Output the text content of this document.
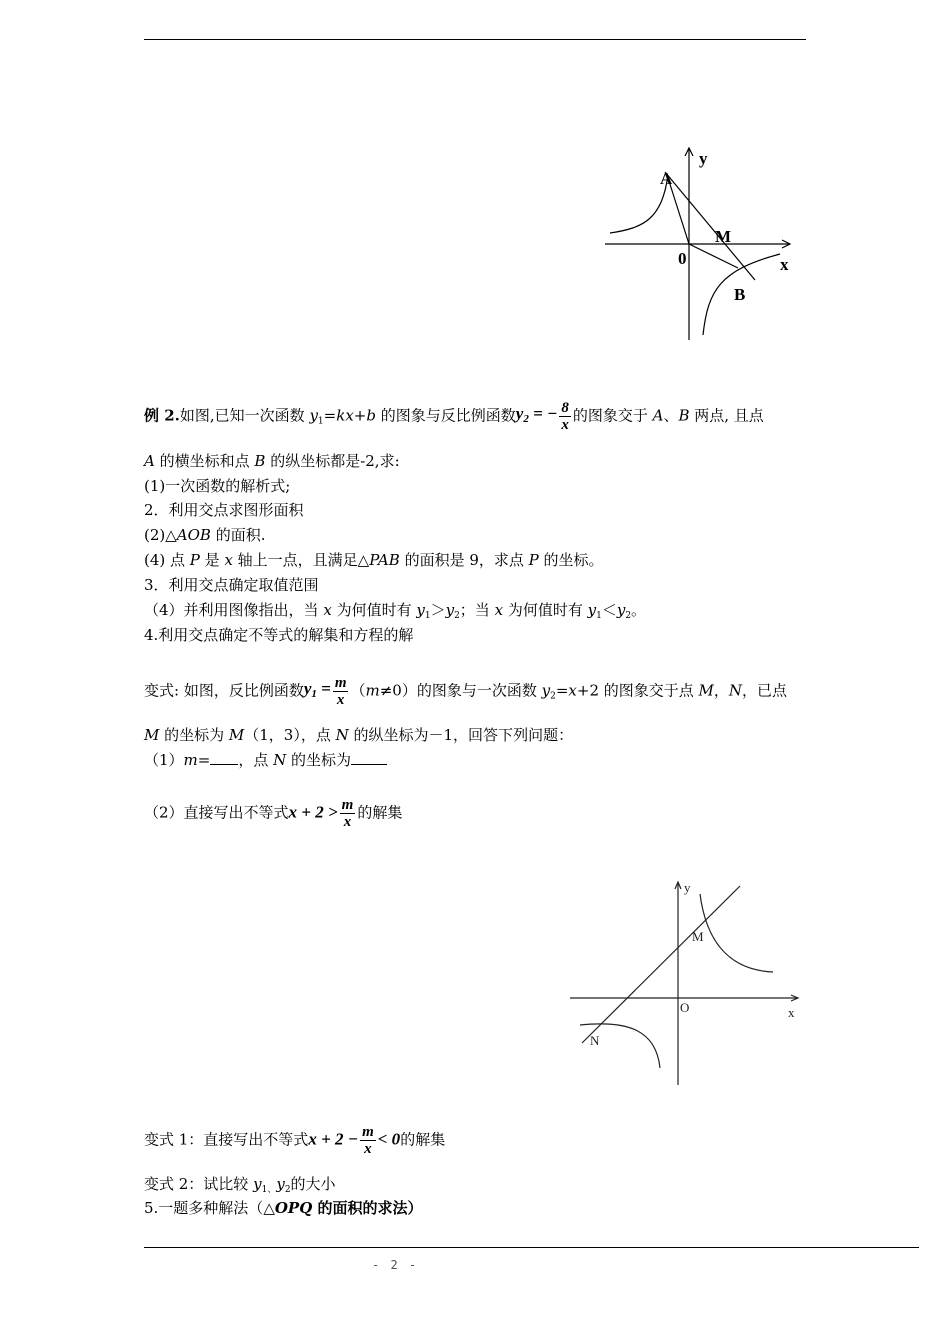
y
A
M
0	x
B
例 2.如图,已知一次函数 $y_1=kx+b$ 的图象与反比例函数$y_2$ = − $\frac{8}{x}$ 的图象交于 A、B 两点, 且点
A 的横坐标和点 B 的纵坐标都是-2,求:
(1)一次函数的解析式;
2．利用交点求图形面积
(2)△AOB 的面积.
(4) 点 P 是 x 轴上一点，且满足△PAB 的面积是 9，求点 P 的坐标。
3．利用交点确定取值范围
（4）并利用图像指出，当 x 为何值时有 $y_1>y_2$；当 x 为何值时有 $y_1<y_2$。
4.利用交点确定不等式的解集和方程的解
变式: 如图，反比例函数$y_1 = \frac{m}{x} (m\ne 0)$的图象与一次函数 $y_2=x+2$ 的图象交于点 M，N，已点
M 的坐标为 M（1，3），点 N 的纵坐标为－1，回答下列问题：
（1）m= ，点 N 的坐标为
（2）直接写出不等式$x + 2 > \frac{m}{x}$ 的解集
y
M
O	x
N
变式 1：直接写出不等式$x + 2 - \frac{m}{x} < 0$的解集
变式 2：试比较 $y_{1、}y_2$的大小
5.一题多种解法（△OPQ 的面积的求法）
- 2 -
